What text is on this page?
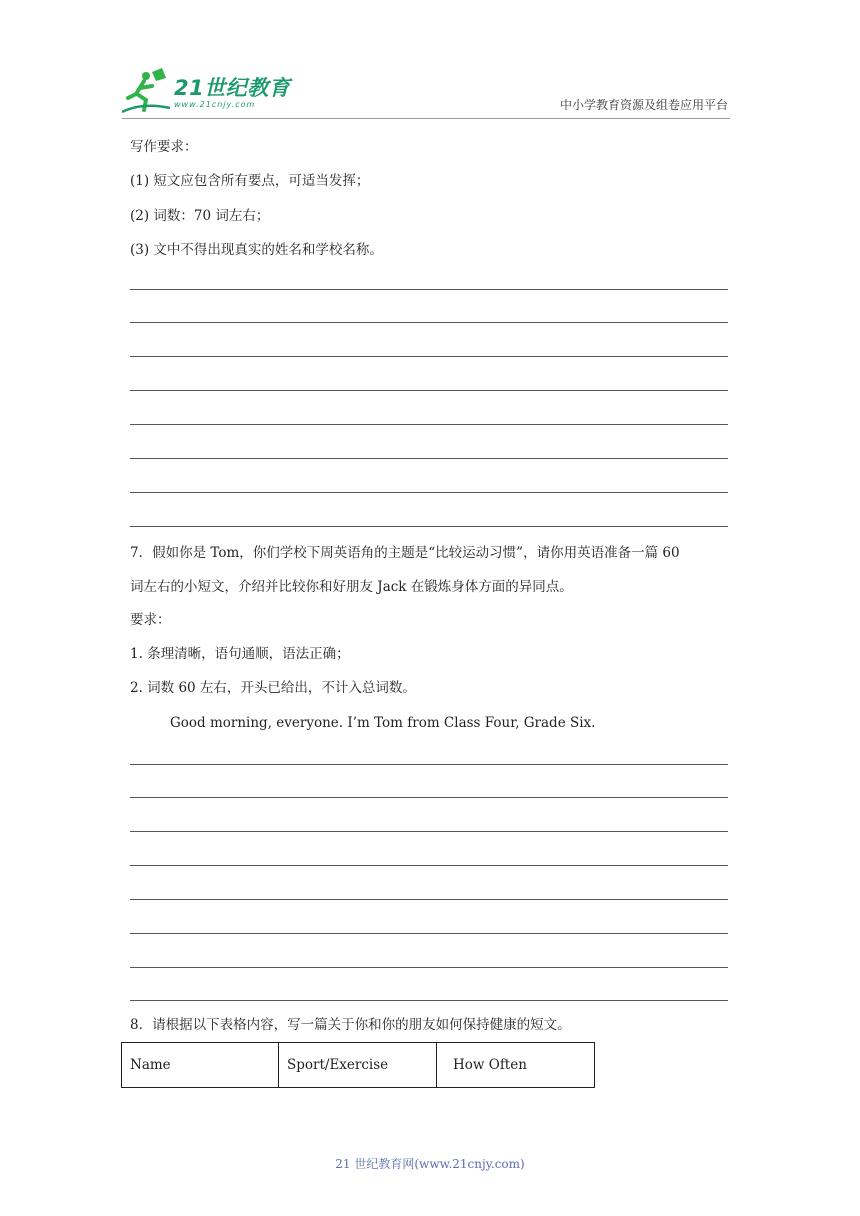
21世纪教育
www.21cnjy.com	中小学教育资源及组卷应用平台
写作要求：
(1) 短文应包含所有要点，可适当发挥；
(2) 词数：70 词左右；
(3) 文中不得出现真实的姓名和学校名称。
7．假如你是 Tom，你们学校下周英语角的主题是“比较运动习惯”，请你用英语准备一篇 60
词左右的小短文，介绍并比较你和好朋友 Jack 在锻炼身体方面的异同点。
要求：
1. 条理清晰，语句通顺，语法正确；
2. 词数 60 左右，开头已给出，不计入总词数。
Good morning, everyone. I’m Tom from Class Four, Grade Six.
8．请根据以下表格内容，写一篇关于你和你的朋友如何保持健康的短文。
Name	Sport/Exercise	How Often
21 世纪教育网(www.21cnjy.com)
